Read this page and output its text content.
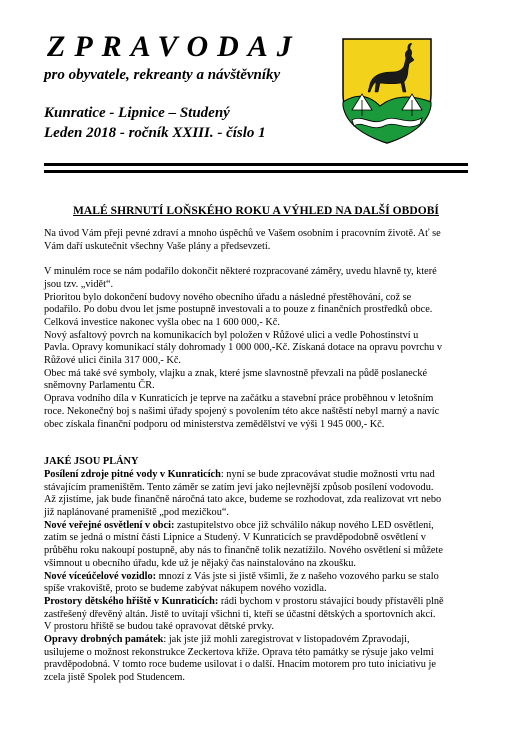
ZPRAVODAJ
pro obyvatele, rekreanty a návštěvníky
Kunratice - Lipnice – Studený
Leden 2018 - ročník XXIII. - číslo 1
MALÉ SHRNUTÍ LOŇSKÉHO ROKU A VÝHLED NA DALŠÍ OBDOBÍ

Na úvod Vám přeji pevné zdraví a mnoho úspěchů ve Vašem osobním i pracovním životě. Ať se

Vám daří uskutečnit všechny Vaše plány a předsevzetí.

V minulém roce se nám podařilo dokončit některé rozpracované záměry, uvedu hlavně ty, které

jsou tzv. „vidět“.

Prioritou bylo dokončení budovy nového obecního úřadu a následné přestěhování, což se

podařilo. Po dobu dvou let jsme postupně investovali a to pouze z finančních prostředků obce.

Celková investice nakonec vyšla obec na 1 600 000,- Kč.

Nový asfaltový povrch na komunikacích byl položen v Růžové ulici a vedle Pohostinství u

Pavla. Opravy komunikací stály dohromady 1 000 000,-Kč. Získaná dotace na opravu povrchu v

Růžové ulici činila 317 000,- Kč.

Obec má také své symboly, vlajku a znak, které jsme slavnostně převzali na půdě poslanecké

sněmovny Parlamentu ČR.

Oprava vodního díla v Kunraticích je teprve na začátku a stavební práce proběhnou v letošním

roce. Nekonečný boj s našimi úřady spojený s povolením této akce naštěstí nebyl marný a navíc

obec získala finanční podporu od ministerstva zemědělství ve výši 1 945 000,- Kč.

JAKÉ JSOU PLÁNY

Posílení zdroje pitné vody v Kunraticích: nyní se bude zpracovávat studie možnosti vrtu nad

stávajícím prameništěm. Tento záměr se zatím jeví jako nejlevnější způsob posílení vodovodu.

Až zjistíme, jak bude finančně náročná tato akce, budeme se rozhodovat, zda realizovat vrt nebo

již naplánované prameniště „pod mezičkou“.

Nové veřejné osvětlení v obci: zastupitelstvo obce již schválilo nákup nového LED osvětlení,

zatím se jedná o místní části Lipnice a Studený. V Kunraticích se pravděpodobně osvětlení v

průběhu roku nakoupí postupně, aby nás to finančně tolik nezatížilo. Nového osvětlení si můžete

všimnout u obecního úřadu, kde už je nějaký čas nainstalováno na zkoušku.

Nové víceúčelové vozidlo: mnozí z Vás jste si jistě všimli, že z našeho vozového parku se stalo

spíše vrakoviště, proto se budeme zabývat nákupem nového vozidla.

Prostory dětského hřiště v Kunraticích: rádi bychom v prostoru stávající boudy přístavěli plně

zastřešený dřevěný altán. Jistě to uvítají všichni ti, kteří se účastní dětských a sportovních akcí.

V prostoru hřiště se budou také opravovat dětské prvky.

Opravy drobných památek: jak jste již mohli zaregistrovat v listopadovém Zpravodaji,

usilujeme o možnost rekonstrukce Zeckertova kříže. Oprava této památky se rýsuje jako velmi

pravděpodobná. V tomto roce budeme usilovat i o další. Hnacím motorem pro tuto iniciativu je

zcela jistě Spolek pod Studencem.
